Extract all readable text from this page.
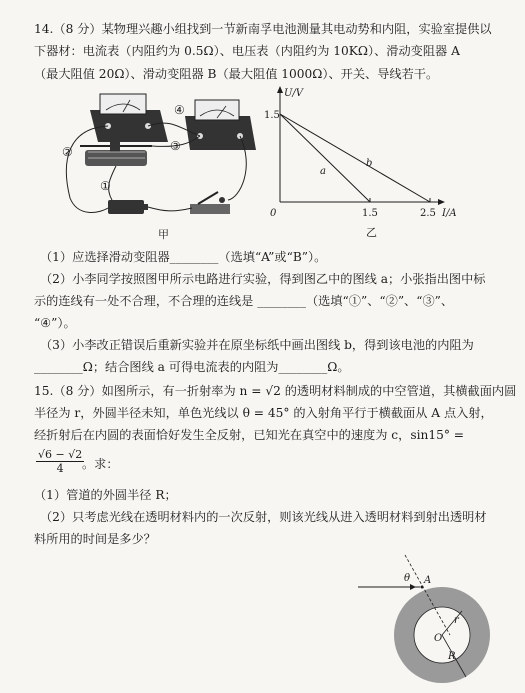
14.（8 分）某物理兴趣小组找到一节新南孚电池测量其电动势和内阻，实验室提供以
下器材：电流表（内阻约为 0.5Ω）、电压表（内阻约为 10KΩ）、滑动变阻器 A
（最大阻值 20Ω）、滑动变阻器 B（最大阻值 1000Ω）、开关、导线若干。
④
②	③
①
甲
U/V
I/A
0
1.5
1.5	2.5
a
b
乙
（1）应选择滑动变阻器________（选填“A”或“B”）。
（2）小李同学按照图甲所示电路进行实验，得到图乙中的图线 a；小张指出图中标
示的连线有一处不合理，不合理的连线是 ________（选填“①”、“②”、“③”、
“④”）。
（3）小李改正错误后重新实验并在原坐标纸中画出图线 b，得到该电池的内阻为
________Ω；结合图线 a 可得电流表的内阻为________Ω。
15.（8 分）如图所示，有一折射率为 n = √2 的透明材料制成的中空管道，其横截面内圆
半径为 r，外圆半径未知，单色光线以 θ = 45° 的入射角平行于横截面从 A 点入射，
经折射后在内圆的表面恰好发生全反射，已知光在真空中的速度为 c，sin15° =
$\frac{√6 - √2}{4}$
。求：
（1）管道的外圆半径 R；
（2）只考虑光线在透明材料内的一次反射，则该光线从进入透明材料到射出透明材
料所用的时间是多少？
θ A
r
O
R
